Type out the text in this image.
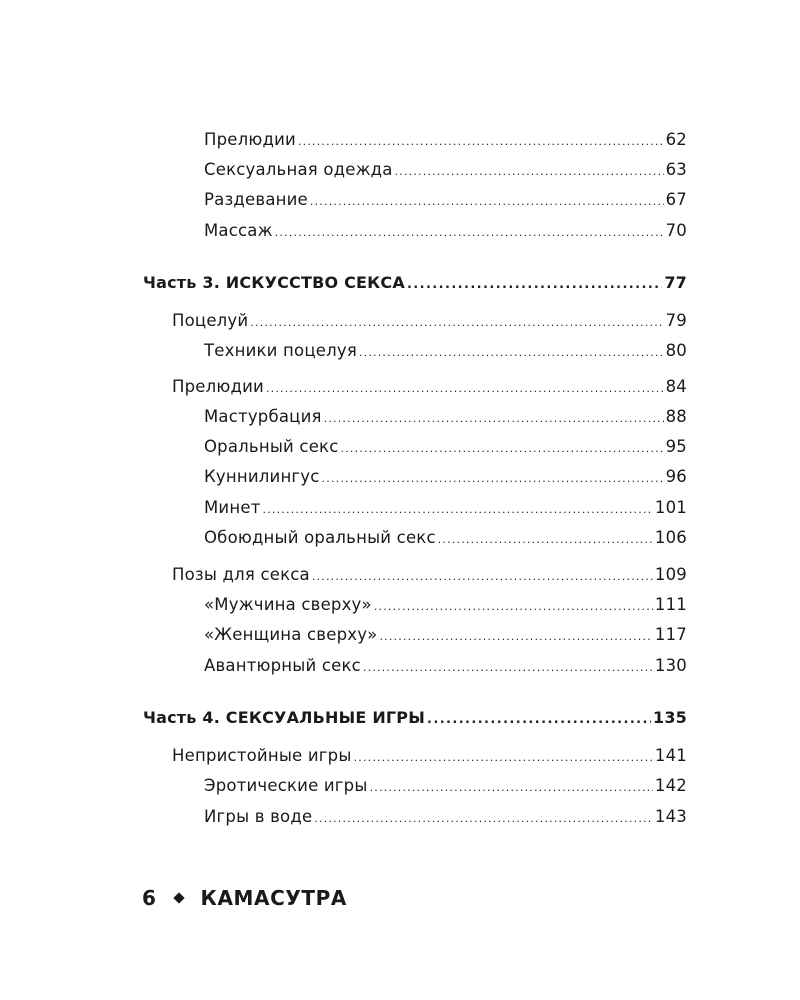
Прелюдии .....	62
Сексуальная одежда .....	63
Раздевание .....	67
Массаж .....	70
Часть 3. ИСКУССТВО СЕКСА .....	77
Поцелуй .....	79
Техники поцелуя .....	80
Прелюдии .....	84
Мастурбация .....	88
Оральный секс .....	95
Куннилингус .....	96
Минет .....	101
Обоюдный оральный секс .....	106
Позы для секса .....	109
«Мужчина сверху» .....	111
«Женщина сверху» .....	117
Авантюрный секс .....	130
Часть 4. СЕКСУАЛЬНЫЕ ИГРЫ .....	135
Непристойные игры .....	141
Эротические игры .....	142
Игры в воде .....	143
6 КАМАСУТРА
